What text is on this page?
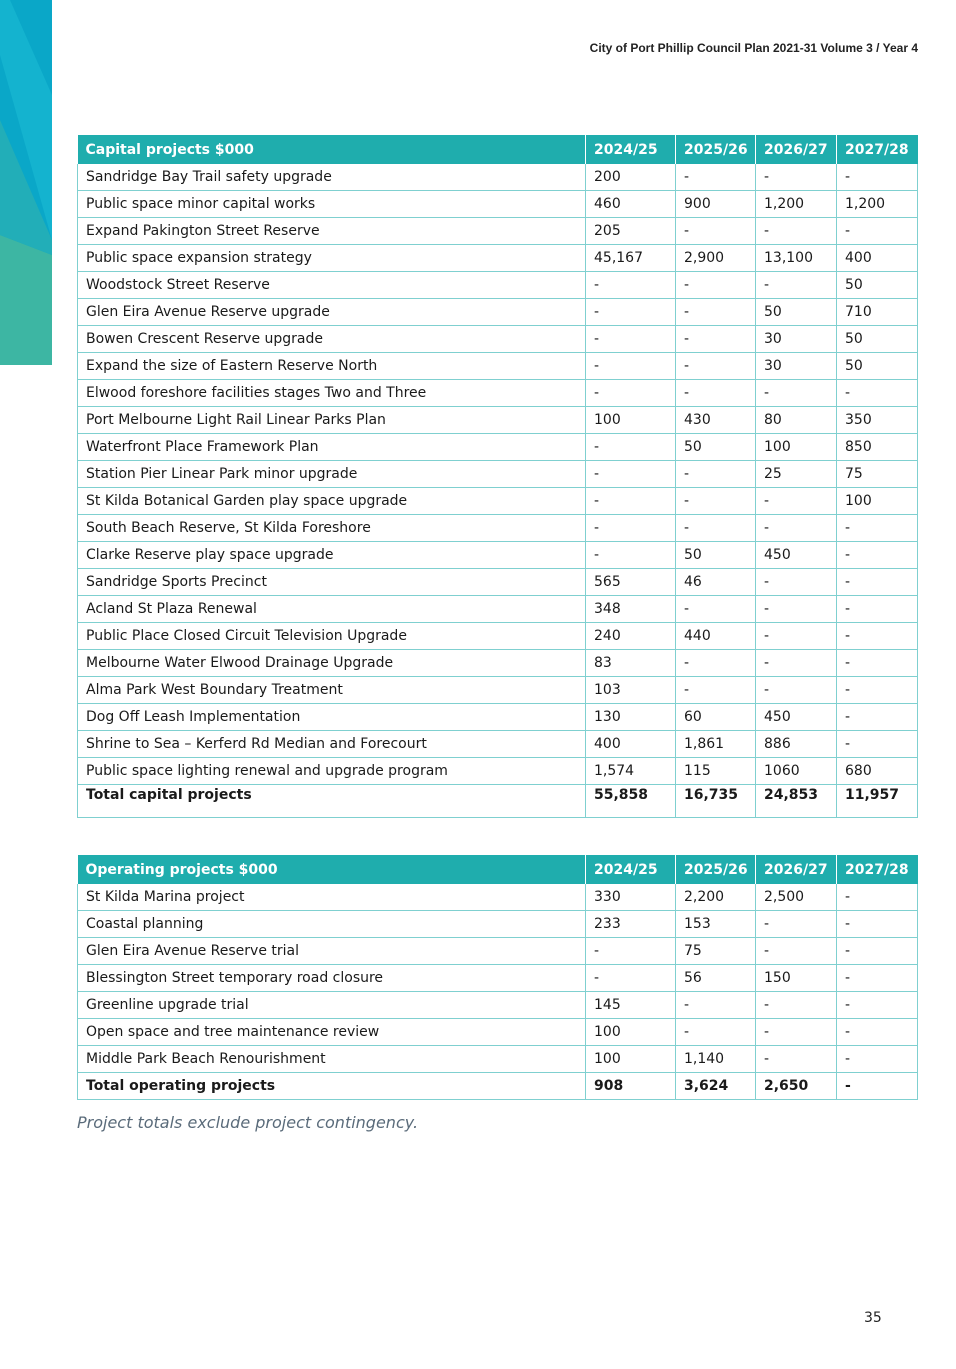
City of Port Phillip Council Plan 2021-31 Volume 3 / Year 4
Capital projects $000	2024/25	2025/26	2026/27	2027/28
Sandridge Bay Trail safety upgrade	200	-	-	-
Public space minor capital works	460	900	1,200	1,200
Expand Pakington Street Reserve	205	-	-	-
Public space expansion strategy	45,167	2,900	13,100	400
Woodstock Street Reserve	-	-	-	50
Glen Eira Avenue Reserve upgrade	-	-	50	710
Bowen Crescent Reserve upgrade	-	-	30	50
Expand the size of Eastern Reserve North	-	-	30	50
Elwood foreshore facilities stages Two and Three	-	-	-	-
Port Melbourne Light Rail Linear Parks Plan	100	430	80	350
Waterfront Place Framework Plan	-	50	100	850
Station Pier Linear Park minor upgrade	-	-	25	75
St Kilda Botanical Garden play space upgrade	-	-	-	100
South Beach Reserve, St Kilda Foreshore	-	-	-	-
Clarke Reserve play space upgrade	-	50	450	-
Sandridge Sports Precinct	565	46	-	-
Acland St Plaza Renewal	348	-	-	-
Public Place Closed Circuit Television Upgrade	240	440	-	-
Melbourne Water Elwood Drainage Upgrade	83	-	-	-
Alma Park West Boundary Treatment	103	-	-	-
Dog Off Leash Implementation	130	60	450	-
Shrine to Sea – Kerferd Rd Median and Forecourt	400	1,861	886	-
Public space lighting renewal and upgrade program	1,574	115	1060	680
Total capital projects	55,858	16,735	24,853	11,957
Operating projects $000	2024/25	2025/26	2026/27	2027/28
St Kilda Marina project	330	2,200	2,500	-
Coastal planning	233	153	-	-
Glen Eira Avenue Reserve trial	-	75	-	-
Blessington Street temporary road closure	-	56	150	-
Greenline upgrade trial	145	-	-	-
Open space and tree maintenance review	100	-	-	-
Middle Park Beach Renourishment	100	1,140	-	-
Total operating projects	908	3,624	2,650	-
Project totals exclude project contingency.
35
